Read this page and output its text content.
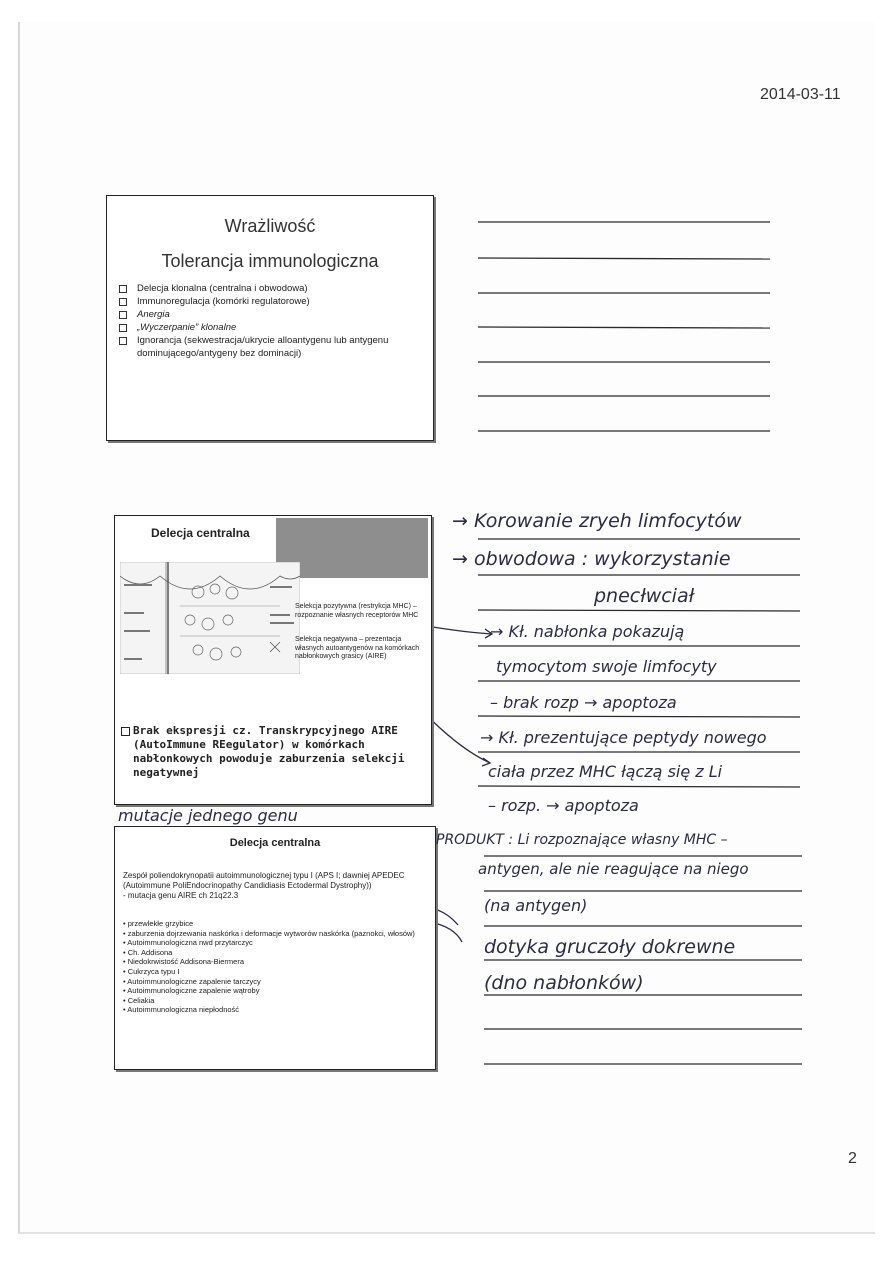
2014-03-11
2
Wrażliwość
Tolerancja immunologiczna
Delecja klonalna (centralna i obwodowa)
Immunoregulacja (komórki regulatorowe)
Anergia
„Wyczerpanie” klonalne
Ignorancja (sekwestracja/ukrycie alloantygenu lub antygenu dominującego/antygeny bez dominacji)
Delecja centralna
Selekcja pozytywna (restrykcja MHC) – rozpoznanie własnych receptorów MHC
Selekcja negatywna – prezentacja własnych autoantygenów na komórkach nabłonkowych grasicy (AIRE)
Brak ekspresji cz. Transkrypcyjnego AIRE (AutoImmune REegulator) w komórkach nabłonkowych powoduje zaburzenia selekcji negatywnej
Delecja centralna
Zespół poliendokrynopatii autoimmunologicznej typu I (APS I; dawniej APEDEC (Autoimmune PoliEndocrinopathy Candidiasis Ectodermal Dystrophy))
- mutacja genu AIRE ch 21q22.3
• przewlekłe grzybice
• zaburzenia dojrzewania naskórka i deformacje wytworów naskórka (paznokci, włosów)
• Autoimmunologiczna nwd przytarczyc
• Ch. Addisona
• Niedokrwistość Addisona-Biermera
• Cukrzyca typu I
• Autoimmunologiczne zapalenie tarczycy
• Autoimmunologiczne zapalenie wątroby
• Celiakia
• Autoimmunologiczna niepłodność
→ Korowanie zryeh limfocytów
→ obwodowa : wykorzystanie
pnecłwciał
→ Kł. nabłonka pokazują
tymocytom swoje limfocyty
– brak rozp → apoptoza
→ Kł. prezentujące peptydy nowego
ciała przez MHC łączą się z Li
– rozp. → apoptoza
PRODUKT : Li rozpoznające własny MHC –
antygen, ale nie reagujące na niego
(na antygen)
dotyka gruczoły dokrewne
(dno nabłonków)
mutacje jednego genu
